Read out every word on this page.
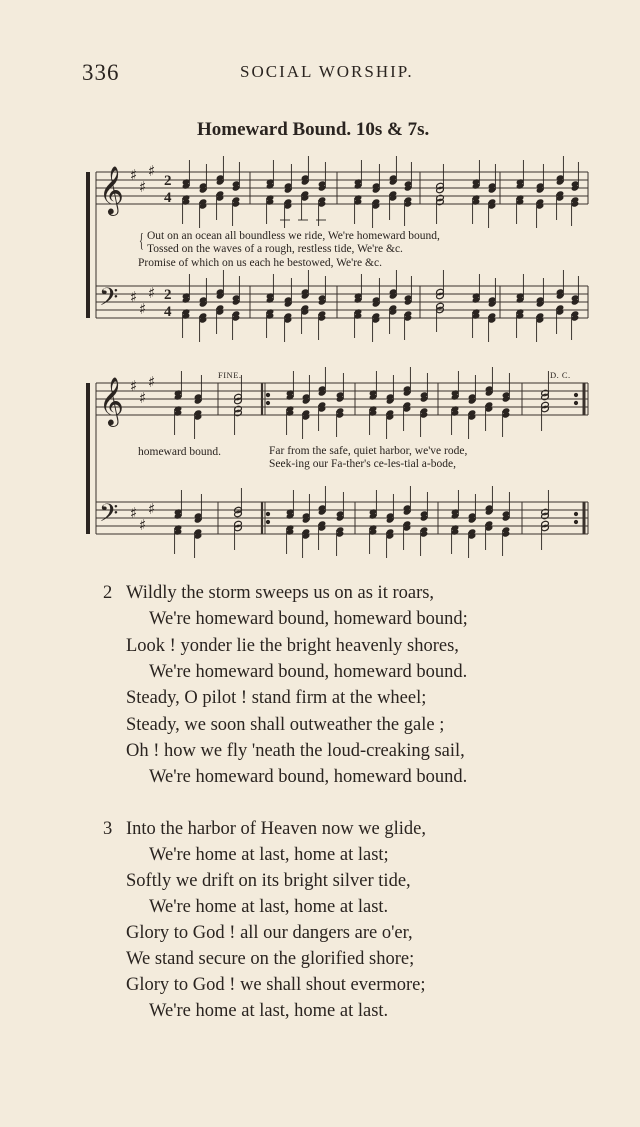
336	SOCIAL WORSHIP.
Homeward Bound. 10s & 7s.
𝄞
𝄢
𝄞
𝄢
♯
♯
♯
♯
♯
♯
♯
♯
♯
♯
♯
♯
2
4
2
4
FINE.	D. C.
Out on an ocean all boundless we ride, We're homeward bound,
Tossed on the waves of a rough, restless tide, We're &c.
Promise of which on us each he bestowed, We're &c.
{
homeward bound.	Far from the safe, quiet harbor, we've rode,
Seek-ing our Fa-ther's ce-les-tial a-bode,
2 Wildly the storm sweeps us on as it roars,
We're homeward bound, homeward bound;
Look ! yonder lie the bright heavenly shores,
We're homeward bound, homeward bound.
Steady, O pilot ! stand firm at the wheel;
Steady, we soon shall outweather the gale ;
Oh ! how we fly 'neath the loud-creaking sail,
We're homeward bound, homeward bound.
3 Into the harbor of Heaven now we glide,
We're home at last, home at last;
Softly we drift on its bright silver tide,
We're home at last, home at last.
Glory to God ! all our dangers are o'er,
We stand secure on the glorified shore;
Glory to God ! we shall shout evermore;
We're home at last, home at last.
